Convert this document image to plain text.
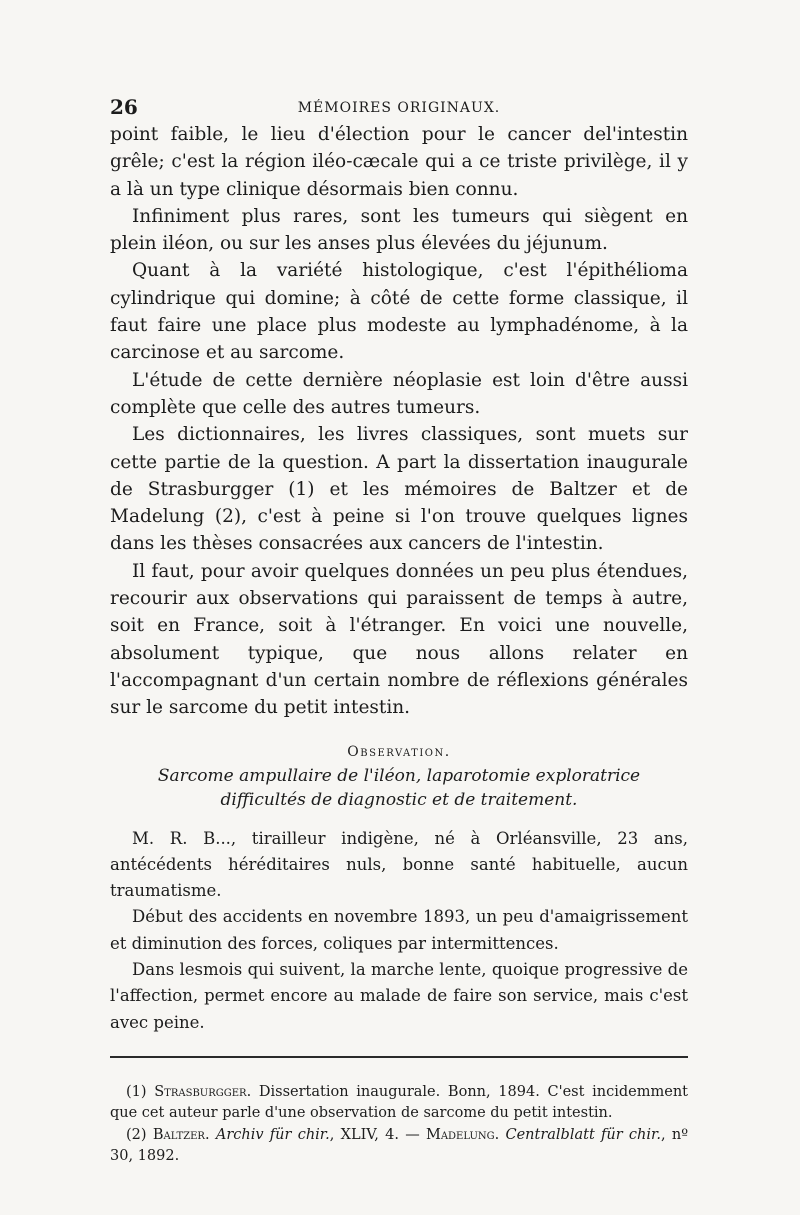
26	MÉMOIRES ORIGINAUX.

point faible, le lieu d'élection pour le cancer del'intestin grêle; c'est la région iléo-cæcale qui a ce triste privilège, il y a là un type clinique désormais bien connu.

Infiniment plus rares, sont les tumeurs qui siègent en plein iléon, ou sur les anses plus élevées du jéjunum.

Quant à la variété histologique, c'est l'épithélioma cylindrique qui domine; à côté de cette forme classique, il faut faire une place plus modeste au lymphadénome, à la carcinose et au sarcome.

L'étude de cette dernière néoplasie est loin d'être aussi complète que celle des autres tumeurs.

Les dictionnaires, les livres classiques, sont muets sur cette partie de la question. A part la dissertation inaugurale de Strasburgger (1) et les mémoires de Baltzer et de Madelung (2), c'est à peine si l'on trouve quelques lignes dans les thèses consacrées aux cancers de l'intestin.

Il faut, pour avoir quelques données un peu plus étendues, recourir aux observations qui paraissent de temps à autre, soit en France, soit à l'étranger. En voici une nouvelle, absolument typique, que nous allons relater en l'accompagnant d'un certain nombre de réflexions générales sur le sarcome du petit intestin.

Observation.
Sarcome ampullaire de l'iléon, laparotomie exploratrice
difficultés de diagnostic et de traitement.

M. R. B..., tirailleur indigène, né à Orléansville, 23 ans, antécédents héréditaires nuls, bonne santé habituelle, aucun traumatisme.

Début des accidents en novembre 1893, un peu d'amaigrissement et diminution des forces, coliques par intermittences.

Dans lesmois qui suivent, la marche lente, quoique progressive de l'affection, permet encore au malade de faire son service, mais c'est avec peine.

(1) Strasburgger. Dissertation inaugurale. Bonn, 1894. C'est incidemment que cet auteur parle d'une observation de sarcome du petit intestin.

(2) Baltzer. Archiv für chir., XLIV, 4. — Madelung. Centralblatt für chir., nº 30, 1892.
